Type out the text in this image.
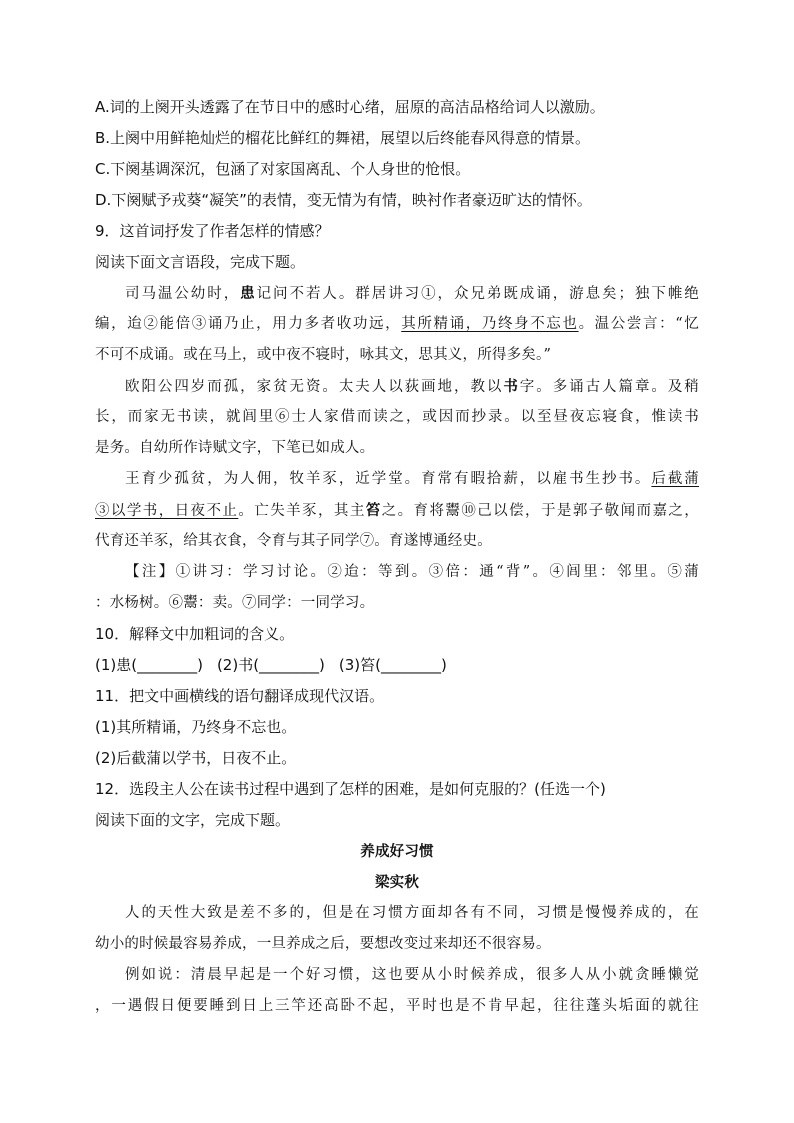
A.词的上阕开头透露了在节日中的感时心绪，屈原的高洁品格给词人以激励。
B.上阕中用鲜艳灿烂的榴花比鲜红的舞裙，展望以后终能春风得意的情景。
C.下阕基调深沉，包涵了对家国离乱、个人身世的怆恨。
D.下阕赋予戎葵“凝笑”的表情，变无情为有情，映衬作者豪迈旷达的情怀。
9．这首词抒发了作者怎样的情感？
阅读下面文言语段，完成下题。
司马温公幼时，患记问不若人。群居讲习①，众兄弟既成诵，游息矣；独下帷绝
编，迨②能倍③诵乃止，用力多者收功远，其所精诵，乃终身不忘也。温公尝言：“忆
不可不成诵。或在马上，或中夜不寝时，咏其文，思其义，所得多矣。”
欧阳公四岁而孤，家贫无资。太夫人以荻画地，教以书字。多诵古人篇章。及稍
长，而家无书读，就闾里⑥士人家借而读之，或因而抄录。以至昼夜忘寝食，惟读书
是务。自幼所作诗赋文字，下笔已如成人。
王育少孤贫，为人佣，牧羊豕，近学堂。育常有暇拾薪，以雇书生抄书。后截蒲
③以学书，日夜不止。亡失羊豕，其主笞之。育将鬻⑩己以偿，于是郭子敬闻而嘉之，
代育还羊豕，给其衣食，令育与其子同学⑦。育遂博通经史。
【注】①讲习：学习讨论。②迨：等到。③倍：通“背”。④闾里：邻里。⑤蒲
：水杨树。⑥鬻：卖。⑦同学：一同学习。
10．解释文中加粗词的含义。
(1)患(________) (2)书(________) (3)笞(________)
11．把文中画横线的语句翻译成现代汉语。
(1)其所精诵，乃终身不忘也。
(2)后截蒲以学书，日夜不止。
12．选段主人公在读书过程中遇到了怎样的困难，是如何克服的？(任选一个)
阅读下面的文字，完成下题。
养成好习惯
梁实秋
人的天性大致是差不多的，但是在习惯方面却各有不同，习惯是慢慢养成的，在
幼小的时候最容易养成，一旦养成之后，要想改变过来却还不很容易。
例如说：清晨早起是一个好习惯，这也要从小时候养成，很多人从小就贪睡懒觉
，一遇假日便要睡到日上三竿还高卧不起，平时也是不肯早起，往往蓬头垢面的就往
